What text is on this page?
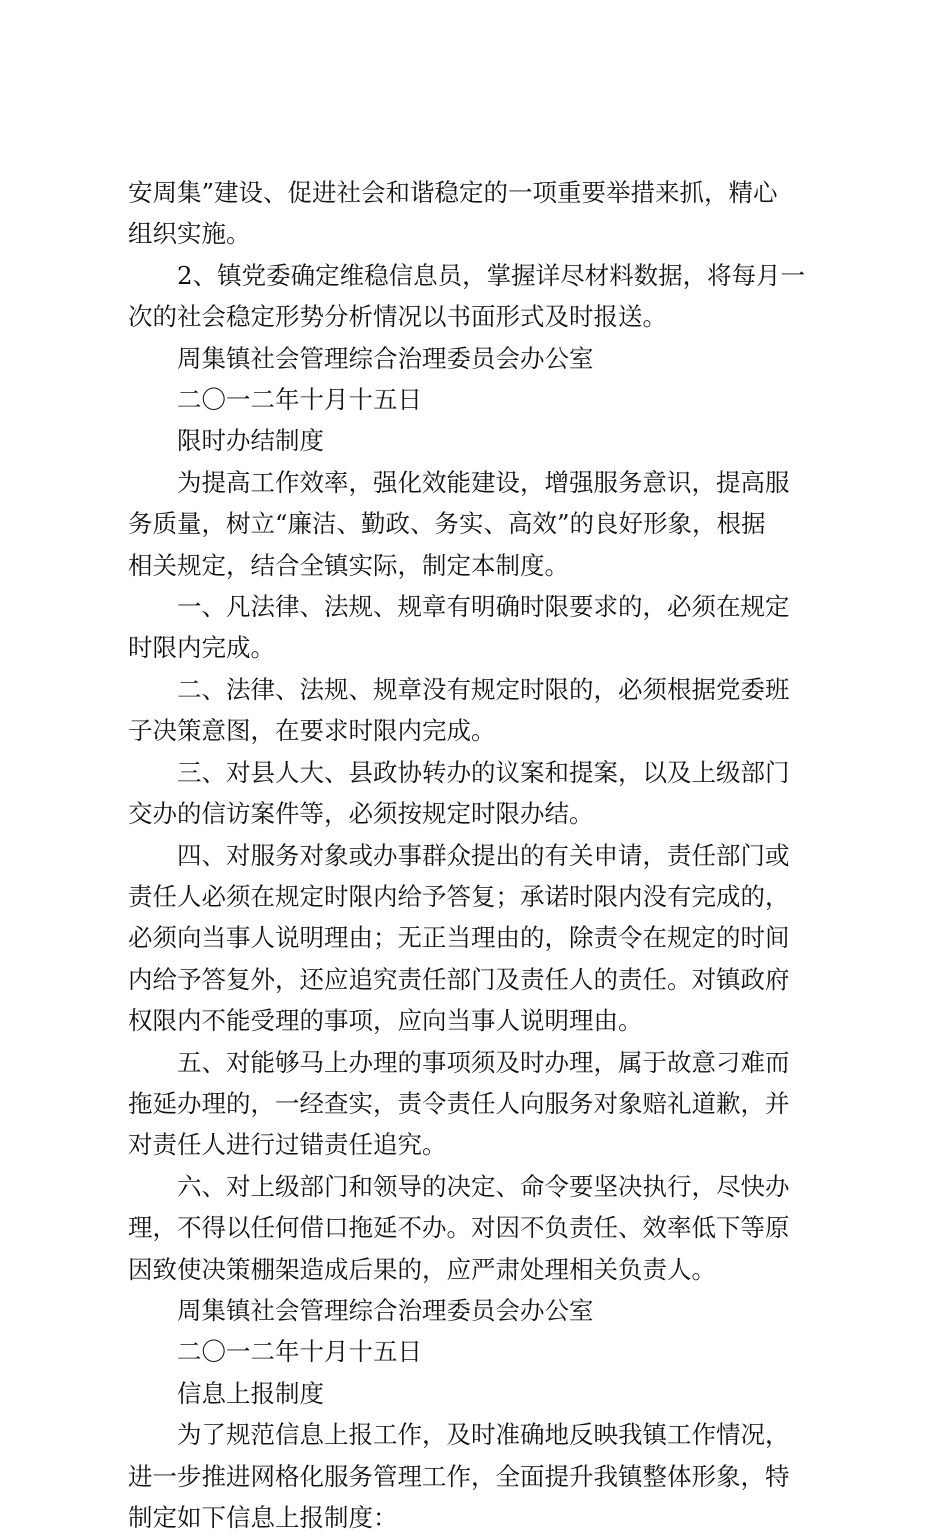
安周集”建设、促进社会和谐稳定的一项重要举措来抓，精心
组织实施。
2、镇党委确定维稳信息员，掌握详尽材料数据，将每月一
次的社会稳定形势分析情况以书面形式及时报送。
周集镇社会管理综合治理委员会办公室
二〇一二年十月十五日
限时办结制度
为提高工作效率，强化效能建设，增强服务意识，提高服
务质量，树立“廉洁、勤政、务实、高效”的良好形象，根据
相关规定，结合全镇实际，制定本制度。
一、凡法律、法规、规章有明确时限要求的，必须在规定
时限内完成。
二、法律、法规、规章没有规定时限的，必须根据党委班
子决策意图，在要求时限内完成。
三、对县人大、县政协转办的议案和提案，以及上级部门
交办的信访案件等，必须按规定时限办结。
四、对服务对象或办事群众提出的有关申请，责任部门或
责任人必须在规定时限内给予答复；承诺时限内没有完成的，
必须向当事人说明理由；无正当理由的，除责令在规定的时间
内给予答复外，还应追究责任部门及责任人的责任。对镇政府
权限内不能受理的事项，应向当事人说明理由。
五、对能够马上办理的事项须及时办理，属于故意刁难而
拖延办理的，一经查实，责令责任人向服务对象赔礼道歉，并
对责任人进行过错责任追究。
六、对上级部门和领导的决定、命令要坚决执行，尽快办
理，不得以任何借口拖延不办。对因不负责任、效率低下等原
因致使决策棚架造成后果的，应严肃处理相关负责人。
周集镇社会管理综合治理委员会办公室
二〇一二年十月十五日
信息上报制度
为了规范信息上报工作，及时准确地反映我镇工作情况，
进一步推进网格化服务管理工作，全面提升我镇整体形象，特
制定如下信息上报制度：
